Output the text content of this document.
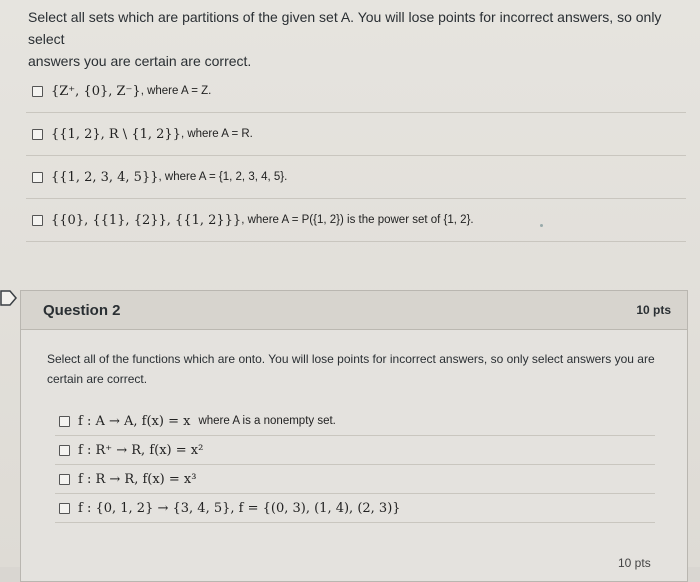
Select all sets which are partitions of the given set A. You will lose points for incorrect answers, so only select
answers you are certain are correct.
{Z⁺, {0}, Z⁻} , where A = Z.
{{1, 2}, R \ {1, 2}} , where A = R.
{{1, 2, 3, 4, 5}} , where A = {1, 2, 3, 4, 5}.
{{0}, {{1}, {2}}, {{1, 2}}} , where A = P({1, 2}) is the power set of {1, 2}.
Question 2	10 pts
Select all of the functions which are onto. You will lose points for incorrect answers, so only select answers you are
certain are correct.
f : A → A, f(x) = x where A is a nonempty set.
f : R⁺ → R, f(x) = x²
f : R → R, f(x) = x³
f : {0, 1, 2} → {3, 4, 5}, f = {(0, 3), (1, 4), (2, 3)}
10 pts
